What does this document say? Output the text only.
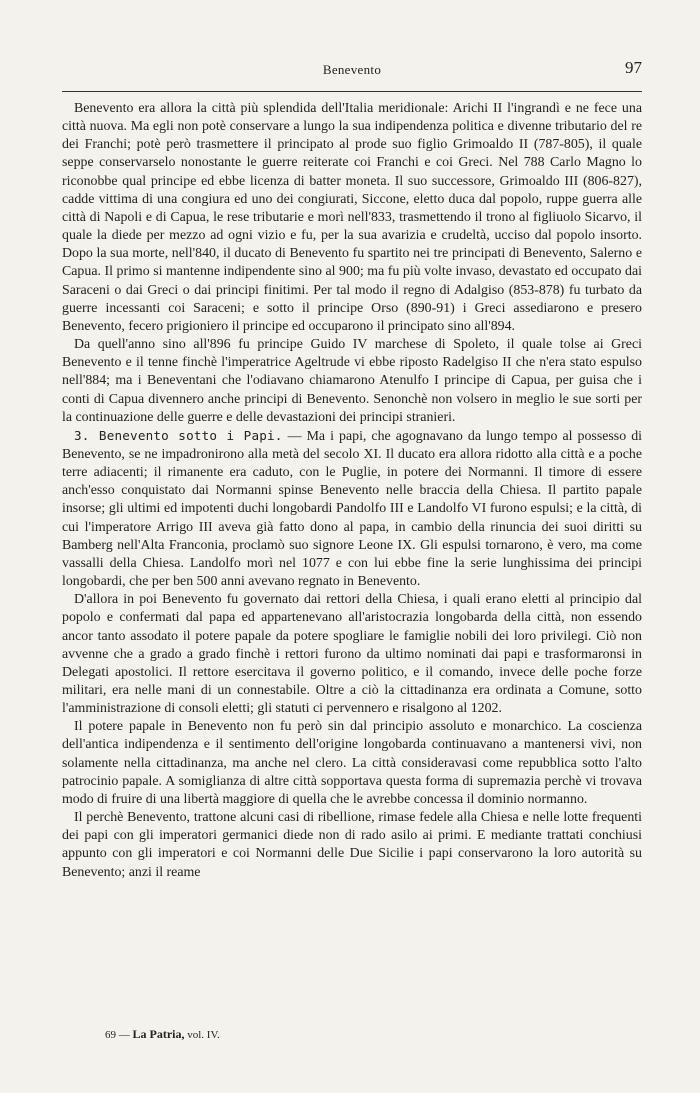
Benevento	97

Benevento era allora la città più splendida dell'Italia meridionale: Arichi II l'ingrandì e ne fece una città nuova. Ma egli non potè conservare a lungo la sua indipendenza politica e divenne tributario del re dei Franchi; potè però trasmettere il principato al prode suo figlio Grimoaldo II (787-805), il quale seppe conservarselo nonostante le guerre reiterate coi Franchi e coi Greci. Nel 788 Carlo Magno lo riconobbe qual principe ed ebbe licenza di batter moneta. Il suo successore, Grimoaldo III (806-827), cadde vittima di una congiura ed uno dei congiurati, Siccone, eletto duca dal popolo, ruppe guerra alle città di Napoli e di Capua, le rese tributarie e morì nell'833, trasmettendo il trono al figliuolo Sicarvo, il quale la diede per mezzo ad ogni vizio e fu, per la sua avarizia e crudeltà, ucciso dal popolo insorto. Dopo la sua morte, nell'840, il ducato di Benevento fu spartito nei tre principati di Benevento, Salerno e Capua. Il primo si mantenne indipendente sino al 900; ma fu più volte invaso, devastato ed occupato dai Saraceni o dai Greci o dai principi finitimi. Per tal modo il regno di Adalgiso (853-878) fu turbato da guerre incessanti coi Saraceni; e sotto il principe Orso (890-91) i Greci assediarono e presero Benevento, fecero prigioniero il principe ed occuparono il principato sino all'894.

Da quell'anno sino all'896 fu principe Guido IV marchese di Spoleto, il quale tolse ai Greci Benevento e il tenne finchè l'imperatrice Ageltrude vi ebbe riposto Radelgiso II che n'era stato espulso nell'884; ma i Beneventani che l'odiavano chiamarono Atenulfo I principe di Capua, per guisa che i conti di Capua divennero anche principi di Benevento. Senonchè non volsero in meglio le sue sorti per la continuazione delle guerre e delle devastazioni dei principi stranieri.

3. Benevento sotto i Papi. — Ma i papi, che agognavano da lungo tempo al possesso di Benevento, se ne impadronirono alla metà del secolo XI. Il ducato era allora ridotto alla città e a poche terre adiacenti; il rimanente era caduto, con le Puglie, in potere dei Normanni. Il timore di essere anch'esso conquistato dai Normanni spinse Benevento nelle braccia della Chiesa. Il partito papale insorse; gli ultimi ed impotenti duchi longobardi Pandolfo III e Landolfo VI furono espulsi; e la città, di cui l'imperatore Arrigo III aveva già fatto dono al papa, in cambio della rinuncia dei suoi diritti su Bamberg nell'Alta Franconia, proclamò suo signore Leone IX. Gli espulsi tornarono, è vero, ma come vassalli della Chiesa. Landolfo morì nel 1077 e con lui ebbe fine la serie lunghissima dei principi longobardi, che per ben 500 anni avevano regnato in Benevento.

D'allora in poi Benevento fu governato dai rettori della Chiesa, i quali erano eletti al principio dal popolo e confermati dal papa ed appartenevano all'aristocrazia longobarda della città, non essendo ancor tanto assodato il potere papale da potere spogliare le famiglie nobili dei loro privilegi. Ciò non avvenne che a grado a grado finchè i rettori furono da ultimo nominati dai papi e trasformaronsi in Delegati apostolici. Il rettore esercitava il governo politico, e il comando, invece delle poche forze militari, era nelle mani di un connestabile. Oltre a ciò la cittadinanza era ordinata a Comune, sotto l'amministrazione di consoli eletti; gli statuti ci pervennero e risalgono al 1202.

Il potere papale in Benevento non fu però sin dal principio assoluto e monarchico. La coscienza dell'antica indipendenza e il sentimento dell'origine longobarda continuavano a mantenersi vivi, non solamente nella cittadinanza, ma anche nel clero. La città consideravasi come repubblica sotto l'alto patrocinio papale. A somiglianza di altre città sopportava questa forma di supremazia perchè vi trovava modo di fruire di una libertà maggiore di quella che le avrebbe concessa il dominio normanno.

Il perchè Benevento, trattone alcuni casi di ribellione, rimase fedele alla Chiesa e nelle lotte frequenti dei papi con gli imperatori germanici diede non di rado asilo ai primi. E mediante trattati conchiusi appunto con gli imperatori e coi Normanni delle Due Sicilie i papi conservarono la loro autorità su Benevento; anzi il reame

69 — La Patria, vol. IV.
